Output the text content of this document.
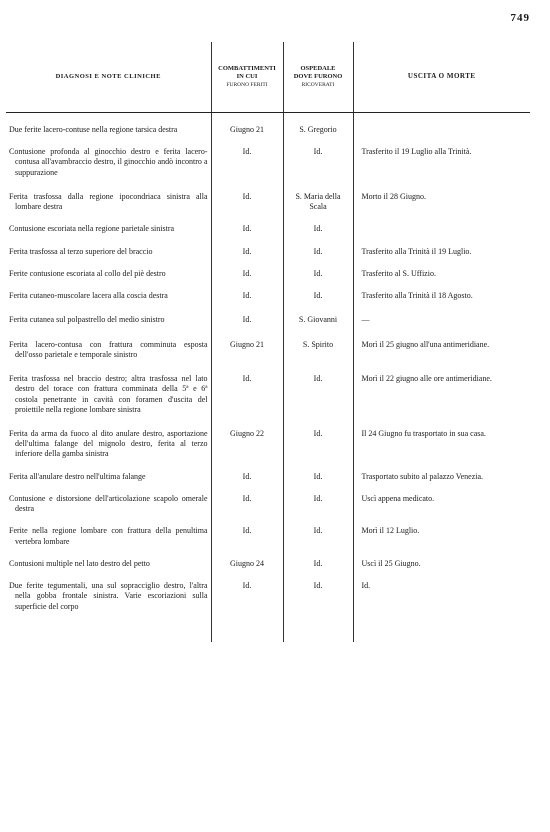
749
DIAGNOSI E NOTE CLINICHE	COMBATTIMENTI
IN CUI
FURONO FERITI	OSPEDALE
DOVE FURONO
RICOVERATI	USCITA O MORTE

Due ferite lacero-contuse nella regione tarsica destra	Giugno 21	S. Gregorio	

Contusione profonda al ginocchio destro e ferita lacero-contusa all'avambraccio destro, il ginocchio andò incontro a suppurazione	Id.	Id.	Trasferito il 19 Luglio alla Trinità.

Ferita trasfossa dalla regione ipocondriaca sinistra alla lombare destra	Id.	S. Maria della Scala	Morto il 28 Giugno.

Contusione escoriata nella regione parietale sinistra	Id.	Id.	

Ferita trasfossa al terzo superiore del braccio	Id.	Id.	Trasferito alla Trinità il 19 Luglio.

Ferite contusione escoriata al collo del piè destro	Id.	Id.	Trasferito al S. Uffizio.

Ferita cutaneo-muscolare lacera alla coscia destra	Id.	Id.	Trasferito alla Trinità il 18 Agosto.

Ferita cutanea sul polpastrello del medio sinistro	Id.	S. Giovanni	—

Ferita lacero-contusa con frattura comminuta esposta dell'osso parietale e temporale sinistro	Giugno 21	S. Spirito	Morì il 25 giugno all'una antimeridiane.

Ferita trasfossa nel braccio destro; altra trasfossa nel lato destro del torace con frattura comminata della 5ª e 6ª costola penetrante in cavità con foramen d'uscita del proiettile nella regione lombare sinistra	Id.	Id.	Morì il 22 giugno alle ore antimeridiane.

Ferita da arma da fuoco al dito anulare destro, asportazione dell'ultima falange del mignolo destro, ferita al terzo inferiore della gamba sinistra	Giugno 22	Id.	Il 24 Giugno fu trasportato in sua casa.

Ferita all'anulare destro nell'ultima falange	Id.	Id.	Trasportato subito al palazzo Venezia.

Contusione e distorsione dell'articolazione scapolo omerale destra	Id.	Id.	Uscì appena medicato.

Ferite nella regione lombare con frattura della penultima vertebra lombare	Id.	Id.	Morì il 12 Luglio.

Contusioni multiple nel lato destro del petto	Giugno 24	Id.	Uscì il 25 Giugno.

Due ferite tegumentali, una sul sopracciglio destro, l'altra nella gobba frontale sinistra. Varie escoriazioni sulla superficie del corpo	Id.	Id.	Id.
